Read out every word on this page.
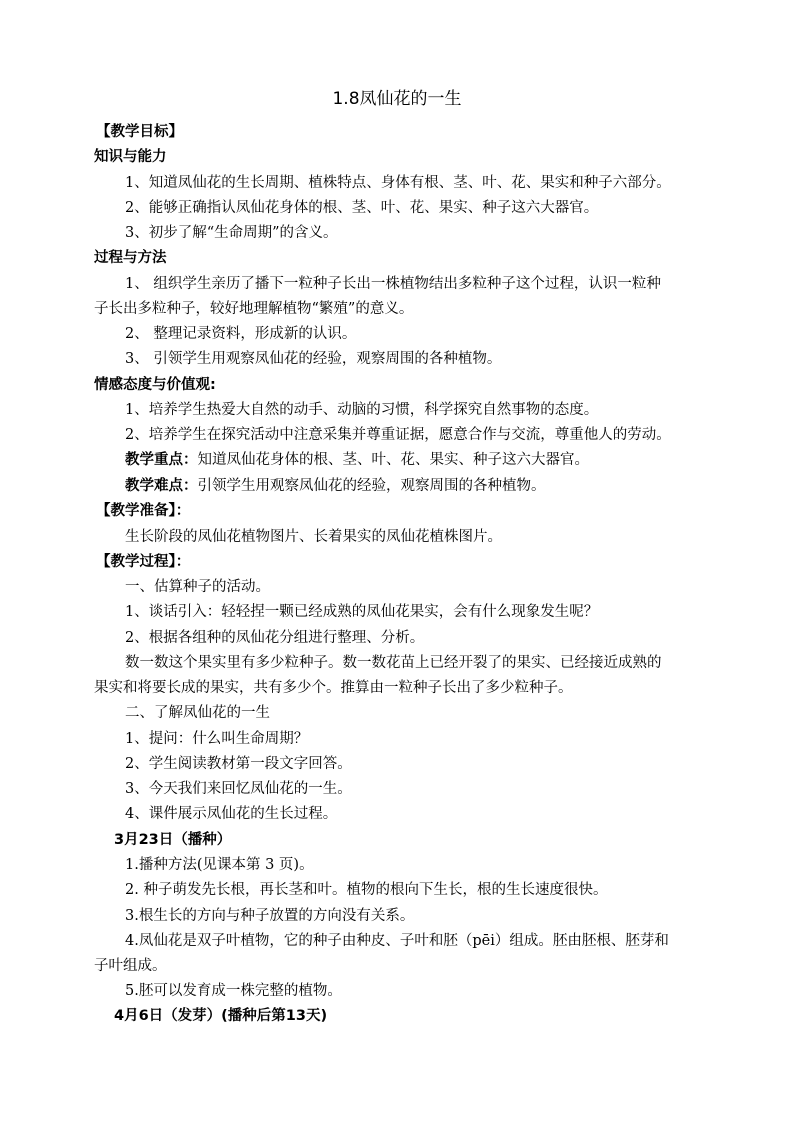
1.8凤仙花的一生
【教学目标】
知识与能力
1、知道凤仙花的生长周期、植株特点、身体有根、茎、叶、花、果实和种子六部分。
2、能够正确指认凤仙花身体的根、茎、叶、花、果实、种子这六大器官。
3、初步了解“生命周期”的含义。
过程与方法
1、 组织学生亲历了播下一粒种子长出一株植物结出多粒种子这个过程，认识一粒种
子长出多粒种子，较好地理解植物“繁殖”的意义。
2、 整理记录资料，形成新的认识。
3、 引领学生用观察凤仙花的经验，观察周围的各种植物。
情感态度与价值观:
1、培养学生热爱大自然的动手、动脑的习惯，科学探究自然事物的态度。
2、培养学生在探究活动中注意采集并尊重证据，愿意合作与交流，尊重他人的劳动。
教学重点：知道凤仙花身体的根、茎、叶、花、果实、种子这六大器官。
教学难点：引领学生用观察凤仙花的经验，观察周围的各种植物。
【教学准备】：
生长阶段的凤仙花植物图片、长着果实的凤仙花植株图片。
【教学过程】：
一、估算种子的活动。
1、谈话引入：轻轻捏一颗已经成熟的凤仙花果实，会有什么现象发生呢？
2、根据各组种的凤仙花分组进行整理、分析。
数一数这个果实里有多少粒种子。数一数花苗上已经开裂了的果实、已经接近成熟的
果实和将要长成的果实，共有多少个。推算由一粒种子长出了多少粒种子。
二、了解凤仙花的一生
1、提问：什么叫生命周期？
2、学生阅读教材第一段文字回答。
3、今天我们来回忆凤仙花的一生。
4、课件展示凤仙花的生长过程。
3月23日（播种）
1.播种方法(见课本第 3 页)。
2. 种子萌发先长根，再长茎和叶。植物的根向下生长，根的生长速度很快。
3.根生长的方向与种子放置的方向没有关系。
4.凤仙花是双子叶植物，它的种子由种皮、子叶和胚（pēi）组成。胚由胚根、胚芽和
子叶组成。
5.胚可以发育成一株完整的植物。
4月6日（发芽）(播种后第13天)
